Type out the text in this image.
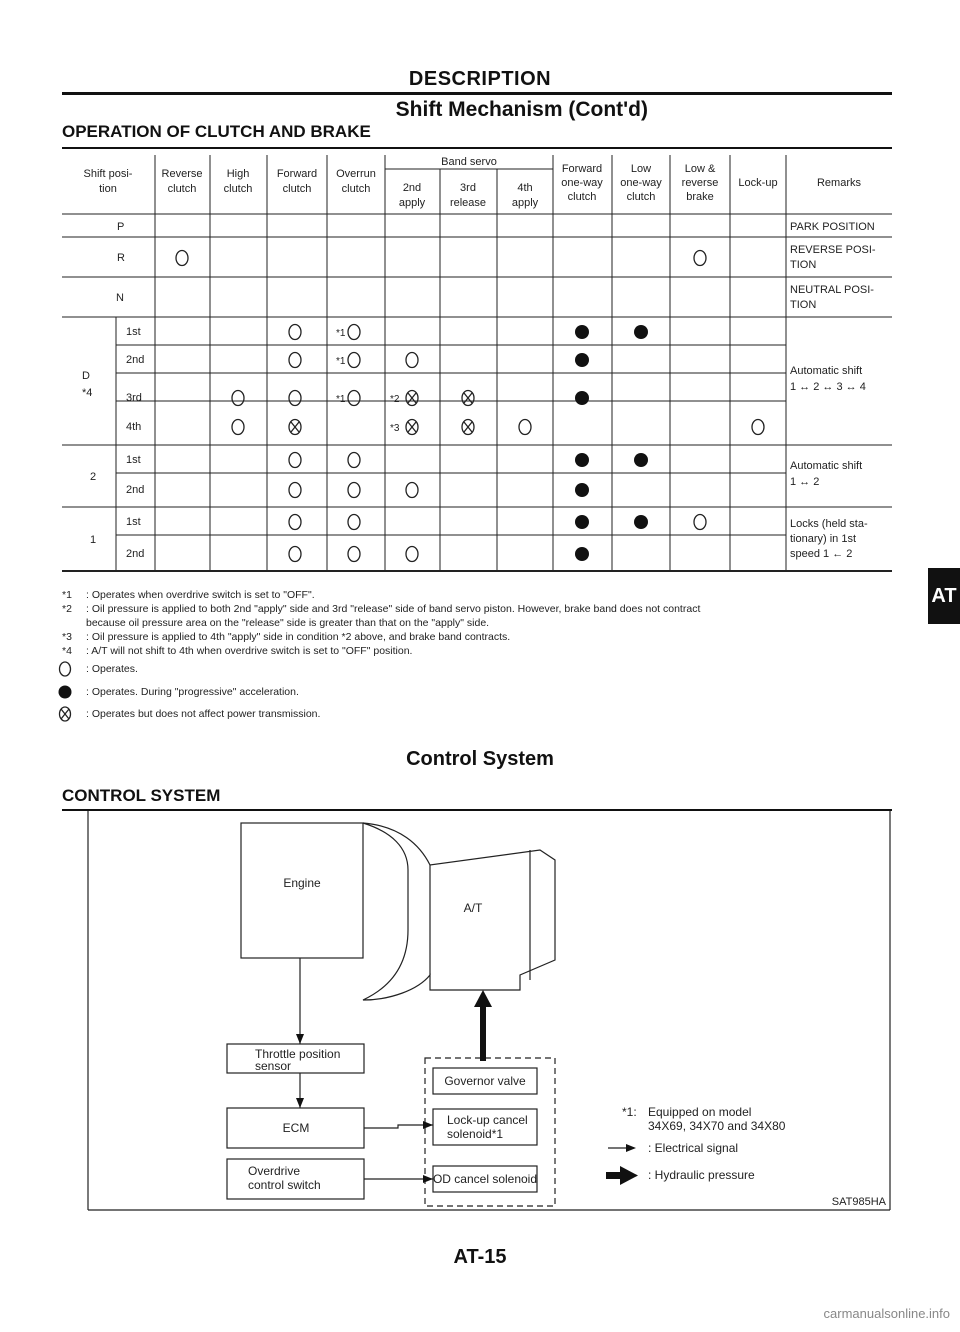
DESCRIPTION
Shift Mechanism (Cont'd)
OPERATION OF CLUTCH AND BRAKE
Shift posi-
tion
Reverse
clutch
High
clutch
Forward
clutch
Overrun
clutch
Band servo
2nd
apply
3rd
release
4th
apply
Forward
one-way
clutch
Low
one-way
clutch
Low &
reverse
brake
Lock-up	Remarks
P
R
N
D
*4
2
1
1st
2nd
3rd
4th
1st
2nd
1st
2nd
PARK POSITION
REVERSE POSI-
TION
NEUTRAL POSI-
TION
Automatic shift
1 ↔ 2 ↔ 3 ↔ 4
Automatic shift
1 ↔ 2
Locks (held sta-
tionary) in 1st
speed 1 ← 2
*1
*1
*1	*2
*3
*1 : Operates when overdrive switch is set to "OFF".
*2 : Oil pressure is applied to both 2nd "apply" side and 3rd "release" side of band servo piston. However, brake band does not contract
because oil pressure area on the "release" side is greater than that on the "apply" side.
*3 : Oil pressure is applied to 4th "apply" side in condition *2 above, and brake band contracts.
*4 : A/T will not shift to 4th when overdrive switch is set to "OFF" position.
: Operates.
: Operates. During "progressive" acceleration.
: Operates but does not affect power transmission.
Control System
CONTROL SYSTEM
Engine
A/T
Throttle position
sensor
ECM
Overdrive
control switch
Governor valve
Lock-up cancel
solenoid*1
OD cancel solenoid
*1: Equipped on model
34X69, 34X70 and 34X80
: Electrical signal
: Hydraulic pressure
SAT985HA
AT-15
AT
carmanualsonline.info
